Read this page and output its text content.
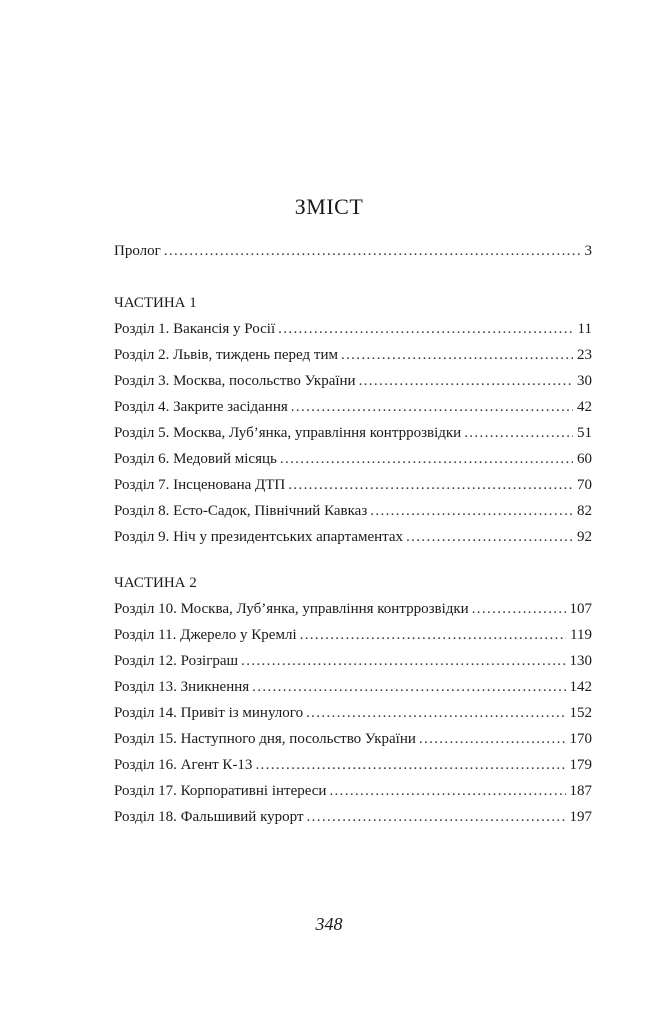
ЗМІСТ
Пролог . . .	3
ЧАСТИНА 1
Розділ 1. Вакансія у Росії . . .	11
Розділ 2. Львів, тиждень перед тим . . .	23
Розділ 3. Москва, посольство України . . .	30
Розділ 4. Закрите засідання . . .	42
Розділ 5. Москва, Луб’янка, управління контррозвідки . . .	51
Розділ 6. Медовий місяць . . .	60
Розділ 7. Інсценована ДТП . . .	70
Розділ 8. Есто-Садок, Північний Кавказ . . .	82
Розділ 9. Ніч у президентських апартаментах . . .	92
ЧАСТИНА 2
Розділ 10. Москва, Луб’янка, управління контррозвідки . . .	107
Розділ 11. Джерело у Кремлі . . .	119
Розділ 12. Розіграш . . .	130
Розділ 13. Зникнення . . .	142
Розділ 14. Привіт із минулого . . .	152
Розділ 15. Наступного дня, посольство України . . .	170
Розділ 16. Агент К-13 . . .	179
Розділ 17. Корпоративні інтереси . . .	187
Розділ 18. Фальшивий курорт . . .	197
348
